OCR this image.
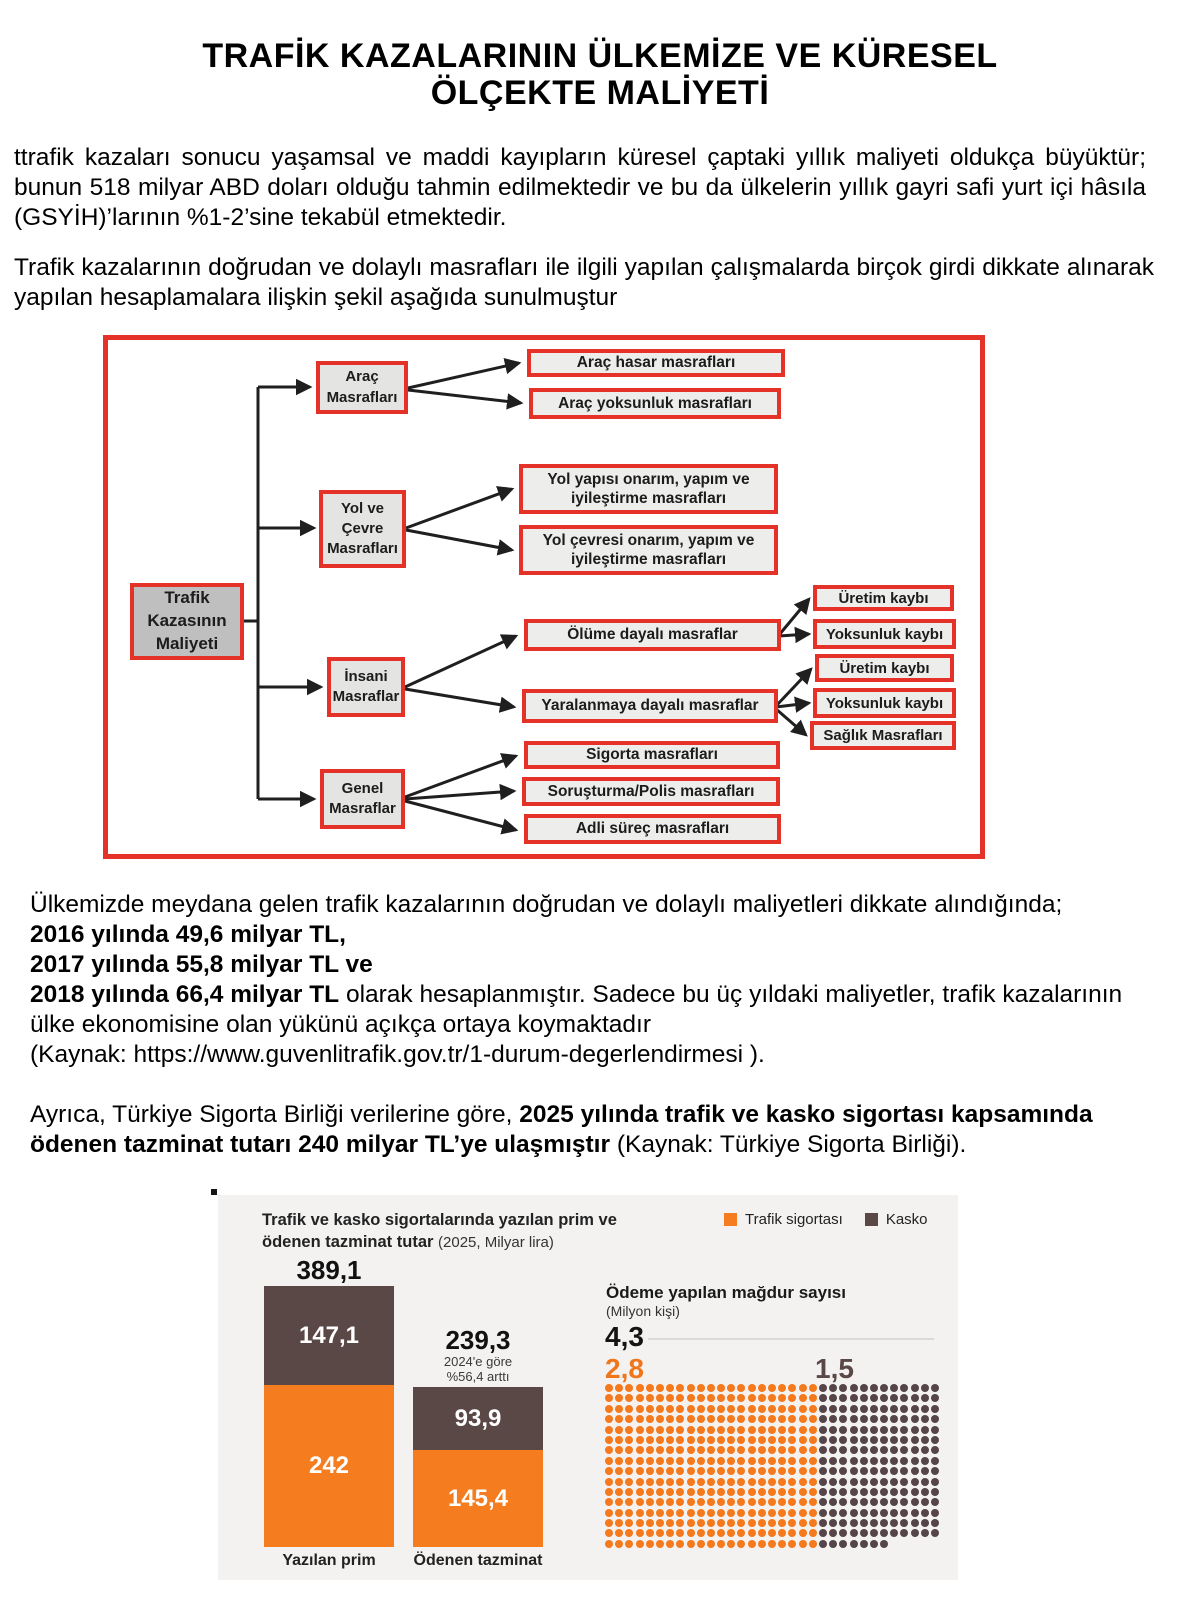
TRAFİK KAZALARININ ÜLKEMİZE VE KÜRESEL
ÖLÇEKTE MALİYETİ
ttrafik kazaları sonucu yaşamsal ve maddi kayıpların küresel çaptaki yıllık maliyeti oldukça büyüktür; bunun 518 milyar ABD doları olduğu tahmin edilmektedir ve bu da ülkelerin yıllık gayri safi yurt içi hâsıla (GSYİH)’larının %1-2’sine tekabül etmektedir.
Trafik kazalarının doğrudan ve dolaylı masrafları ile ilgili yapılan çalışmalarda birçok girdi dikkate alınarak yapılan hesaplamalara ilişkin şekil aşağıda sunulmuştur
Trafik Kazasının Maliyeti
Araç Masrafları
Yol ve Çevre Masrafları
İnsani Masraflar
Genel Masraflar
Araç hasar masrafları
Araç yoksunluk masrafları
Yol yapısı onarım, yapım ve iyileştirme masrafları
Yol çevresi onarım, yapım ve iyileştirme masrafları
Ölüme dayalı masraflar
Yaralanmaya dayalı masraflar
Sigorta masrafları
Soruşturma/Polis masrafları
Adli süreç masrafları
Üretim kaybı
Yoksunluk kaybı
Üretim kaybı
Yoksunluk kaybı
Sağlık Masrafları
Ülkemizde meydana gelen trafik kazalarının doğrudan ve dolaylı maliyetleri dikkate alındığında;
2016 yılında 49,6 milyar TL,
2017 yılında 55,8 milyar TL ve
2018 yılında 66,4 milyar TL olarak hesaplanmıştır. Sadece bu üç yıldaki maliyetler, trafik kazalarının ülke ekonomisine olan yükünü açıkça ortaya koymaktadır
(Kaynak: https://www.guvenlitrafik.gov.tr/1-durum-degerlendirmesi ).
Ayrıca, Türkiye Sigorta Birliği verilerine göre, 2025 yılında trafik ve kasko sigortası kapsamında ödenen tazminat tutarı 240 milyar TL’ye ulaşmıştır (Kaynak: Türkiye Sigorta Birliği).
Trafik ve kasko sigortalarında yazılan prim ve
ödenen tazminat tutar (2025, Milyar lira)
Trafik sigortası	Kasko
389,1
239,3
2024'e göre
%56,4 arttı
147,1
242
93,9
145,4
Yazılan prim	Ödenen tazminat
Ödeme yapılan mağdur sayısı
(Milyon kişi)
4,3
2,8	1,5
